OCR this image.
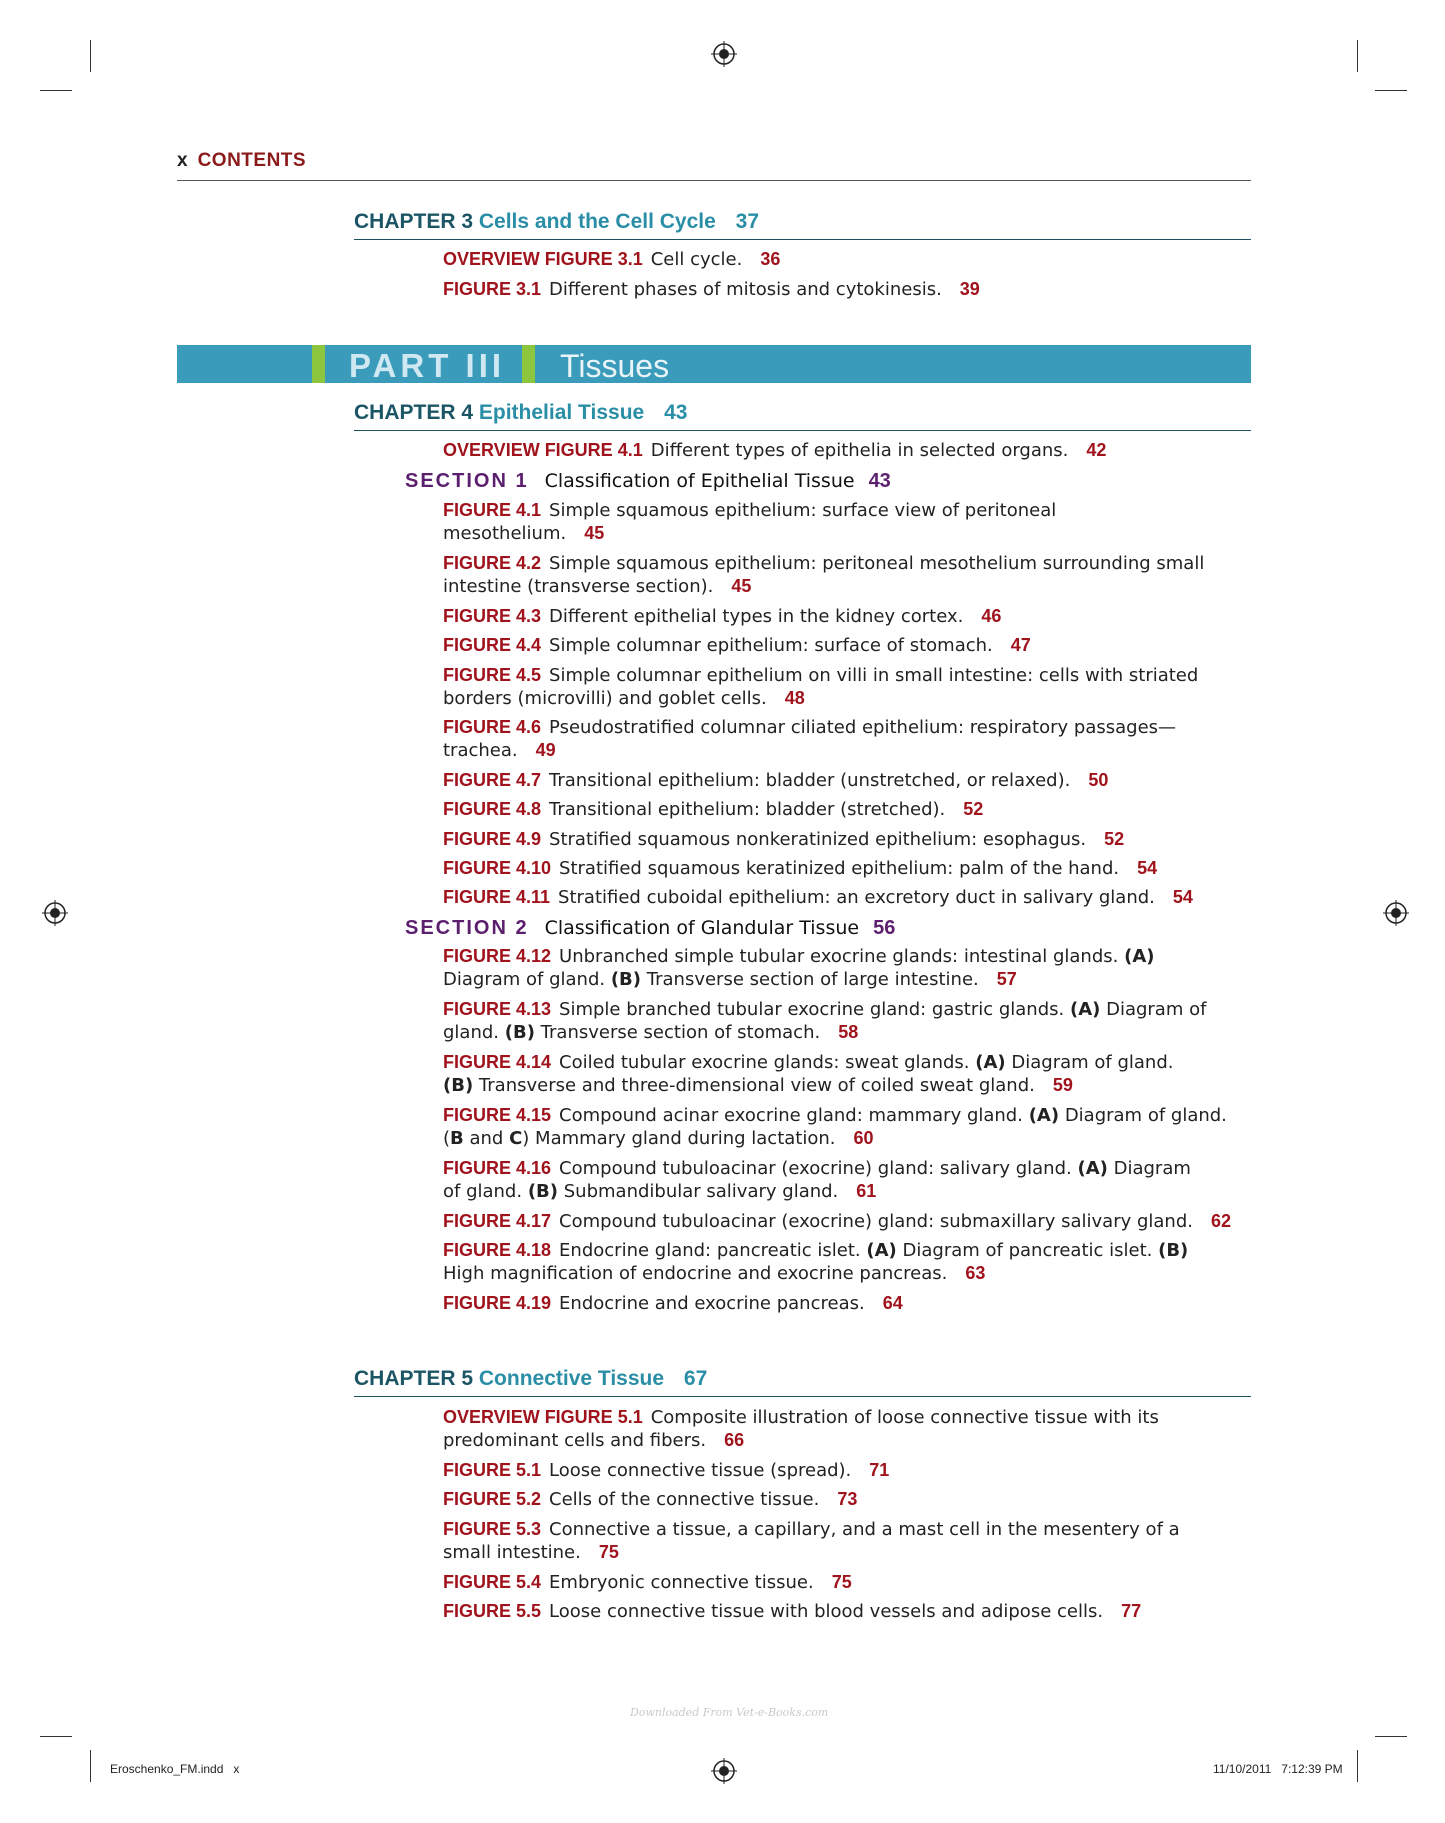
x CONTENTS
CHAPTER 3 Cells and the Cell Cycle 37
OVERVIEW FIGURE 3.1 Cell cycle. 36
FIGURE 3.1 Different phases of mitosis and cytokinesis. 39
PART III Tissues
CHAPTER 4 Epithelial Tissue 43
OVERVIEW FIGURE 4.1 Different types of epithelia in selected organs. 42
SECTION 1 Classification of Epithelial Tissue 43
FIGURE 4.1 Simple squamous epithelium: surface view of peritoneal mesothelium. 45
FIGURE 4.2 Simple squamous epithelium: peritoneal mesothelium surrounding small intestine (transverse section). 45
FIGURE 4.3 Different epithelial types in the kidney cortex. 46
FIGURE 4.4 Simple columnar epithelium: surface of stomach. 47
FIGURE 4.5 Simple columnar epithelium on villi in small intestine: cells with striated borders (microvilli) and goblet cells. 48
FIGURE 4.6 Pseudostratified columnar ciliated epithelium: respiratory passages—trachea. 49
FIGURE 4.7 Transitional epithelium: bladder (unstretched, or relaxed). 50
FIGURE 4.8 Transitional epithelium: bladder (stretched). 52
FIGURE 4.9 Stratified squamous nonkeratinized epithelium: esophagus. 52
FIGURE 4.10 Stratified squamous keratinized epithelium: palm of the hand. 54
FIGURE 4.11 Stratified cuboidal epithelium: an excretory duct in salivary gland. 54
SECTION 2 Classification of Glandular Tissue 56
FIGURE 4.12 Unbranched simple tubular exocrine glands: intestinal glands. (A) Diagram of gland. (B) Transverse section of large intestine. 57
FIGURE 4.13 Simple branched tubular exocrine gland: gastric glands. (A) Diagram of gland. (B) Transverse section of stomach. 58
FIGURE 4.14 Coiled tubular exocrine glands: sweat glands. (A) Diagram of gland. (B) Transverse and three-dimensional view of coiled sweat gland. 59
FIGURE 4.15 Compound acinar exocrine gland: mammary gland. (A) Diagram of gland. (B and C) Mammary gland during lactation. 60
FIGURE 4.16 Compound tubuloacinar (exocrine) gland: salivary gland. (A) Diagram of gland. (B) Submandibular salivary gland. 61
FIGURE 4.17 Compound tubuloacinar (exocrine) gland: submaxillary salivary gland. 62
FIGURE 4.18 Endocrine gland: pancreatic islet. (A) Diagram of pancreatic islet. (B) High magnification of endocrine and exocrine pancreas. 63
FIGURE 4.19 Endocrine and exocrine pancreas. 64
CHAPTER 5 Connective Tissue 67
OVERVIEW FIGURE 5.1 Composite illustration of loose connective tissue with its predominant cells and fibers. 66
FIGURE 5.1 Loose connective tissue (spread). 71
FIGURE 5.2 Cells of the connective tissue. 73
FIGURE 5.3 Connective a tissue, a capillary, and a mast cell in the mesentery of a small intestine. 75
FIGURE 5.4 Embryonic connective tissue. 75
FIGURE 5.5 Loose connective tissue with blood vessels and adipose cells. 77
Downloaded From Vet-e-Books.com
Eroschenko_FM.indd   x	11/10/2011   7:12:39 PM
